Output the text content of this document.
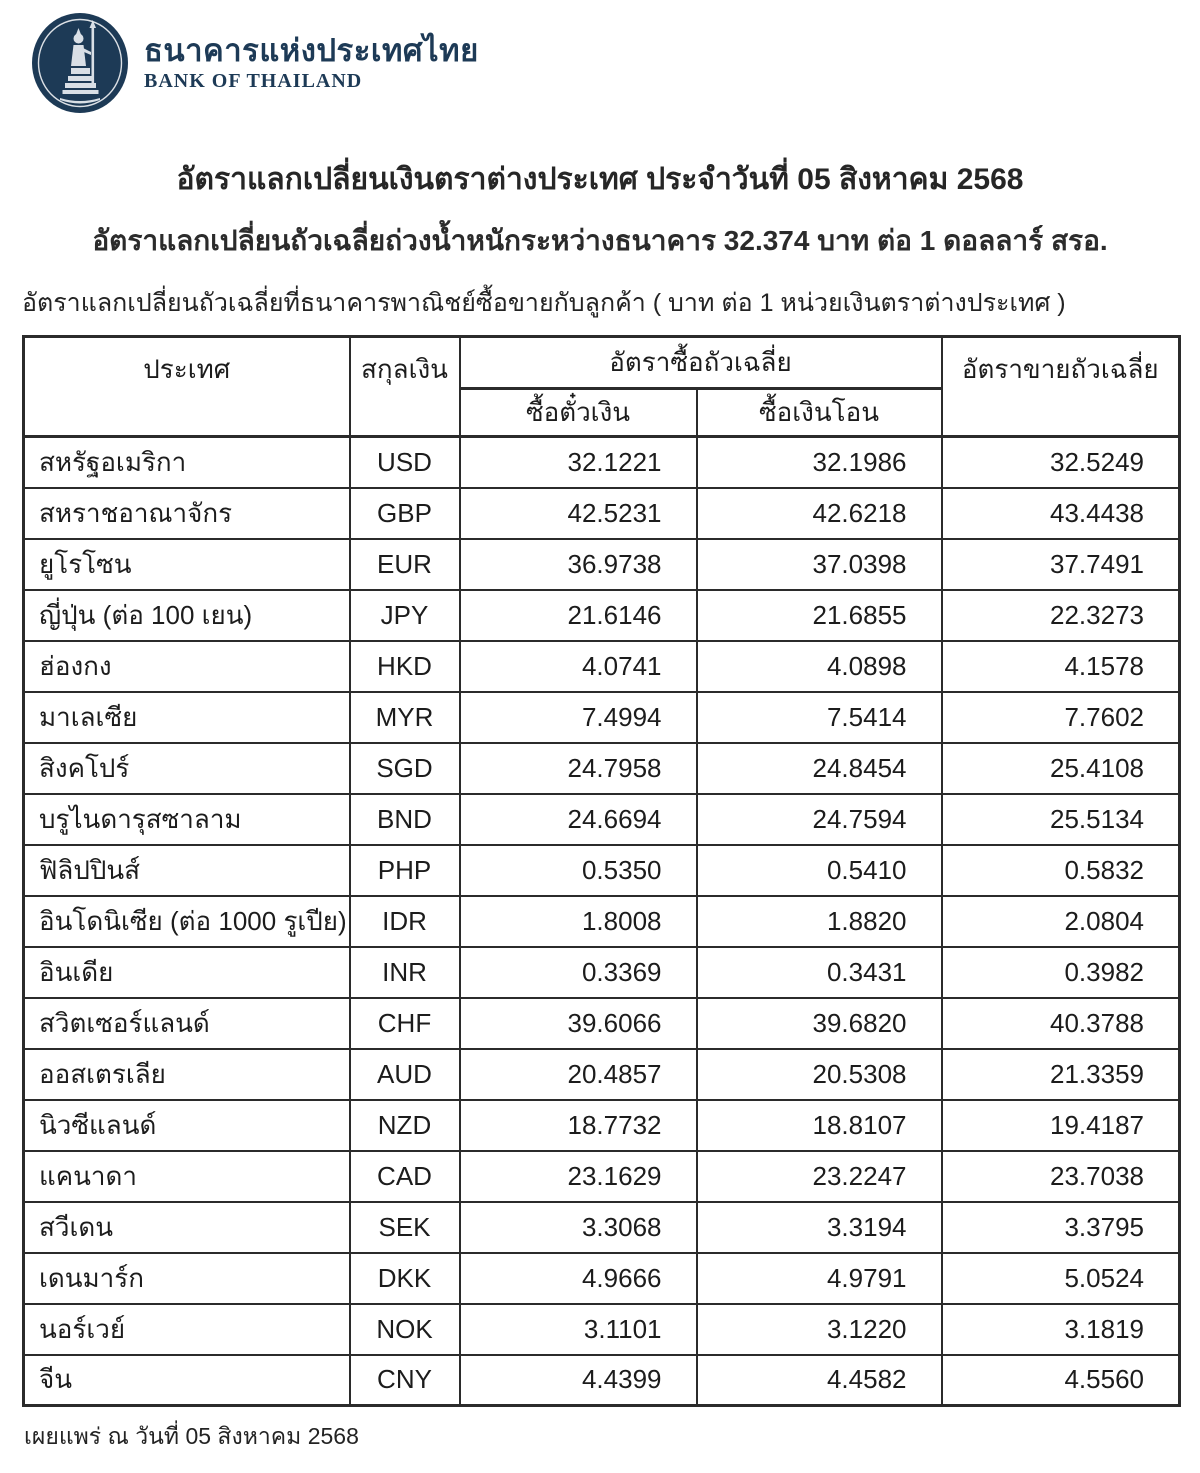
ธนาคารแห่งประเทศไทย
BANK OF THAILAND
อัตราแลกเปลี่ยนเงินตราต่างประเทศ ประจำวันที่ 05 สิงหาคม 2568
อัตราแลกเปลี่ยนถัวเฉลี่ยถ่วงน้ำหนักระหว่างธนาคาร 32.374 บาท ต่อ 1 ดอลลาร์ สรอ.
อัตราแลกเปลี่ยนถัวเฉลี่ยที่ธนาคารพาณิชย์ซื้อขายกับลูกค้า ( บาท ต่อ 1 หน่วยเงินตราต่างประเทศ )
ประเทศ	สกุลเงิน	อัตราซื้อถัวเฉลี่ย		อัตราขายถัวเฉลี่ย
		ซื้อตั๋วเงิน	ซื้อเงินโอน	
สหรัฐอเมริกา	USD	32.1221	32.1986	32.5249
สหราชอาณาจักร	GBP	42.5231	42.6218	43.4438
ยูโรโซน	EUR	36.9738	37.0398	37.7491
ญี่ปุ่น (ต่อ 100 เยน)	JPY	21.6146	21.6855	22.3273
ฮ่องกง	HKD	4.0741	4.0898	4.1578
มาเลเซีย	MYR	7.4994	7.5414	7.7602
สิงคโปร์	SGD	24.7958	24.8454	25.4108
บรูไนดารุสซาลาม	BND	24.6694	24.7594	25.5134
ฟิลิปปินส์	PHP	0.5350	0.5410	0.5832
อินโดนิเซีย (ต่อ 1000 รูเปีย)	IDR	1.8008	1.8820	2.0804
อินเดีย	INR	0.3369	0.3431	0.3982
สวิตเซอร์แลนด์	CHF	39.6066	39.6820	40.3788
ออสเตรเลีย	AUD	20.4857	20.5308	21.3359
นิวซีแลนด์	NZD	18.7732	18.8107	19.4187
แคนาดา	CAD	23.1629	23.2247	23.7038
สวีเดน	SEK	3.3068	3.3194	3.3795
เดนมาร์ก	DKK	4.9666	4.9791	5.0524
นอร์เวย์	NOK	3.1101	3.1220	3.1819
จีน	CNY	4.4399	4.4582	4.5560
เผยแพร่ ณ วันที่ 05 สิงหาคม 2568
